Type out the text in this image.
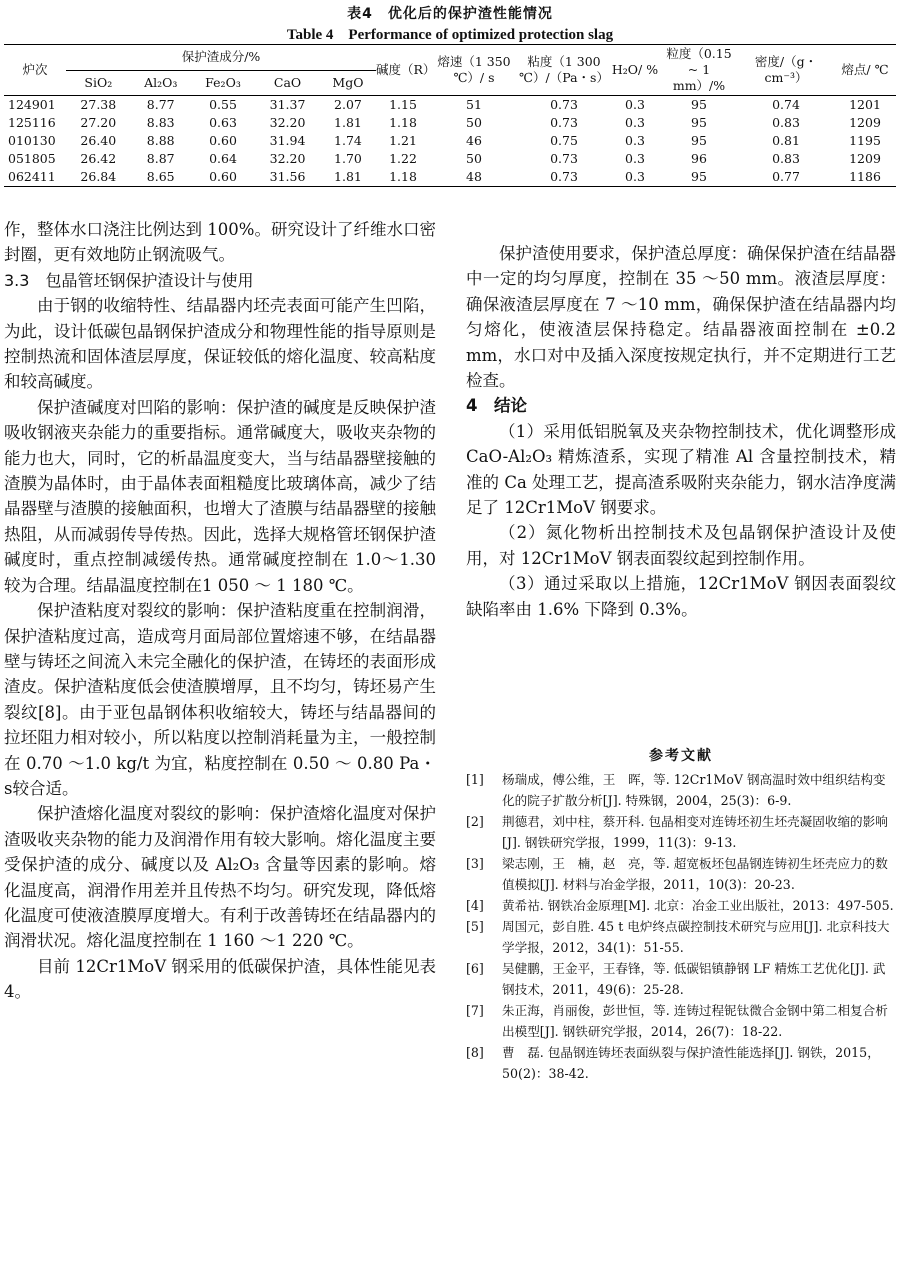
表4　优化后的保护渣性能情况
Table 4　Performance of optimized protection slag
炉次	保护渣成分/%					碱度（R）	熔速（1 350 ℃）/ s	粘度（1 300 ℃）/（Pa・s）	H₂O/ %	粒度（0.15 ~ 1 mm）/%	密度/（g・cm⁻³）	熔点/ ℃
	SiO₂	Al₂O₃	Fe₂O₃	CaO	MgO							
124901	27.38	8.77	0.55	31.37	2.07	1.15	51	0.73	0.3	95	0.74	1201
125116	27.20	8.83	0.63	32.20	1.81	1.18	50	0.73	0.3	95	0.83	1209
010130	26.40	8.88	0.60	31.94	1.74	1.21	46	0.75	0.3	95	0.81	1195
051805	26.42	8.87	0.64	32.20	1.70	1.22	50	0.73	0.3	96	0.83	1209
062411	26.84	8.65	0.60	31.56	1.81	1.18	48	0.73	0.3	95	0.77	1186

作，整体水口浇注比例达到 100%。研究设计了纤维水口密封圈，更有效地防止钢流吸气。

3.3　包晶管坯钢保护渣设计与使用

由于钢的收缩特性、结晶器内坯壳表面可能产生凹陷，为此，设计低碳包晶钢保护渣成分和物理性能的指导原则是控制热流和固体渣层厚度，保证较低的熔化温度、较高粘度和较高碱度。

保护渣碱度对凹陷的影响：保护渣的碱度是反映保护渣吸收钢液夹杂能力的重要指标。通常碱度大，吸收夹杂物的能力也大，同时，它的析晶温度变大，当与结晶器壁接触的渣膜为晶体时，由于晶体表面粗糙度比玻璃体高，减少了结晶器壁与渣膜的接触面积，也增大了渣膜与结晶器壁的接触热阻，从而减弱传导传热。因此，选择大规格管坯钢保护渣碱度时，重点控制减缓传热。通常碱度控制在 1.0～1.30 较为合理。结晶温度控制在1 050 ～ 1 180 ℃。

保护渣粘度对裂纹的影响：保护渣粘度重在控制润滑，保护渣粘度过高，造成弯月面局部位置熔速不够，在结晶器壁与铸坯之间流入未完全融化的保护渣，在铸坯的表面形成渣皮。保护渣粘度低会使渣膜增厚，且不均匀，铸坯易产生裂纹[8]。由于亚包晶钢体积收缩较大，铸坯与结晶器间的拉坯阻力相对较小，所以粘度以控制消耗量为主，一般控制在 0.70 ～1.0 kg/t 为宜，粘度控制在 0.50 ～ 0.80 Pa・s较合适。

保护渣熔化温度对裂纹的影响：保护渣熔化温度对保护渣吸收夹杂物的能力及润滑作用有较大影响。熔化温度主要受保护渣的成分、碱度以及 Al₂O₃ 含量等因素的影响。熔化温度高，润滑作用差并且传热不均匀。研究发现，降低熔化温度可使液渣膜厚度增大。有利于改善铸坯在结晶器内的润滑状况。熔化温度控制在 1 160 ～1 220 ℃。

目前 12Cr1MoV 钢采用的低碳保护渣，具体性能见表 4。

保护渣使用要求，保护渣总厚度：确保保护渣在结晶器中一定的均匀厚度，控制在 35 ～50 mm。液渣层厚度：确保液渣层厚度在 7 ～10 mm，确保保护渣在结晶器内均匀熔化，使液渣层保持稳定。结晶器液面控制在 ±0.2 mm，水口对中及插入深度按规定执行，并不定期进行工艺检查。

4　结论

（1）采用低铝脱氧及夹杂物控制技术，优化调整形成 CaO-Al₂O₃ 精炼渣系，实现了精准 Al 含量控制技术，精准的 Ca 处理工艺，提高渣系吸附夹杂能力，钢水洁净度满足了 12Cr1MoV 钢要求。

（2）氮化物析出控制技术及包晶钢保护渣设计及使用，对 12Cr1MoV 钢表面裂纹起到控制作用。

（3）通过采取以上措施，12Cr1MoV 钢因表面裂纹缺陷率由 1.6% 下降到 0.3%。

参考文献
[1]	杨瑞成，傅公维，王　晖，等. 12Cr1MoV 钢高温时效中组织结构变化的院子扩散分析[J]. 特殊钢，2004，25(3)：6-9.
[2]	荆德君，刘中柱，蔡开科. 包晶相变对连铸坯初生坯壳凝固收缩的影响[J]. 钢铁研究学报，1999，11(3)：9-13.
[3]	梁志刚，王　楠，赵　亮，等. 超宽板坯包晶钢连铸初生坯壳应力的数值模拟[J]. 材料与冶金学报，2011，10(3)：20-23.
[4]	黄希祜. 钢铁冶金原理[M]. 北京：冶金工业出版社，2013：497-505.
[5]	周国元，彭自胜. 45 t 电炉终点碳控制技术研究与应用[J]. 北京科技大学学报，2012，34(1)：51-55.
[6]	吴健鹏，王金平，王春锋，等. 低碳铝镇静钢 LF 精炼工艺优化[J]. 武钢技术，2011，49(6)：25-28.
[7]	朱正海，肖丽俊，彭世恒，等. 连铸过程铌钛微合金钢中第二相复合析出模型[J]. 钢铁研究学报，2014，26(7)：18-22.
[8]	曹　磊. 包晶钢连铸坯表面纵裂与保护渣性能选择[J]. 钢铁，2015，50(2)：38-42.
